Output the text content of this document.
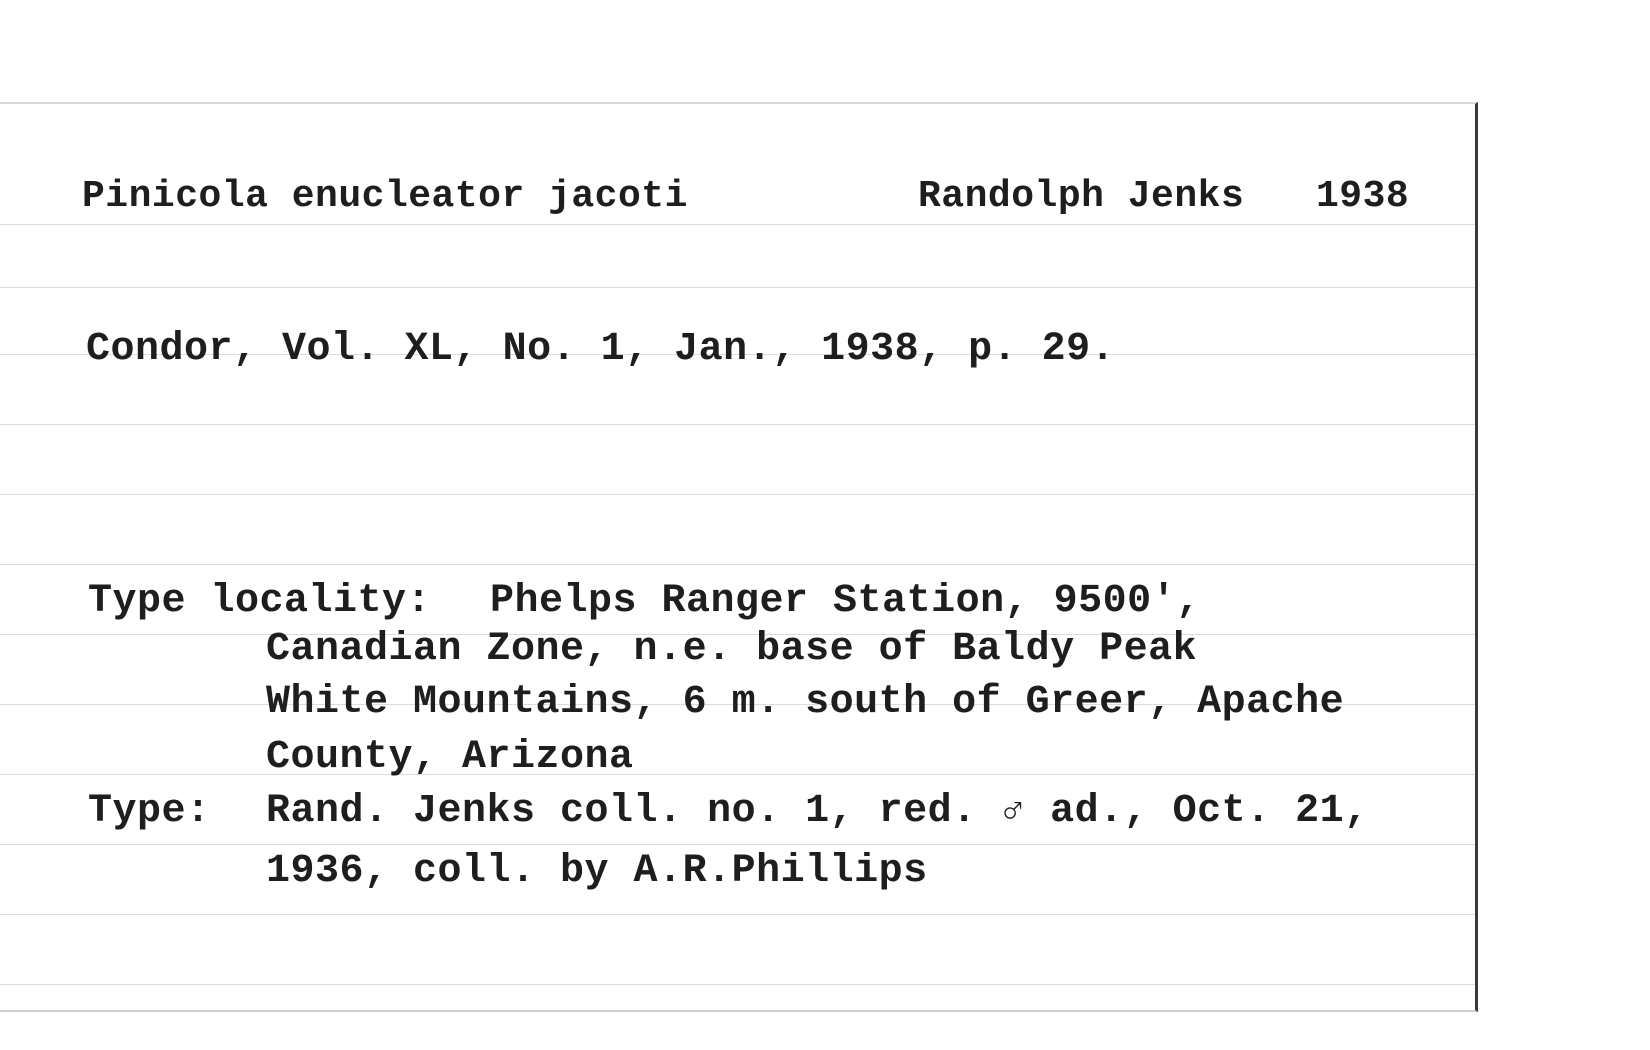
Pinicola enucleator jacoti	Randolph Jenks 1938
Condor, Vol. XL, No. 1, Jan., 1938, p. 29.
Type locality: Phelps Ranger Station, 9500',
Canadian Zone, n.e. base of Baldy Peak
White Mountains, 6 m. south of Greer, Apache
County, Arizona
Type: Rand. Jenks coll. no. 1, red. ♂ ad., Oct. 21,
1936, coll. by A.R.Phillips
